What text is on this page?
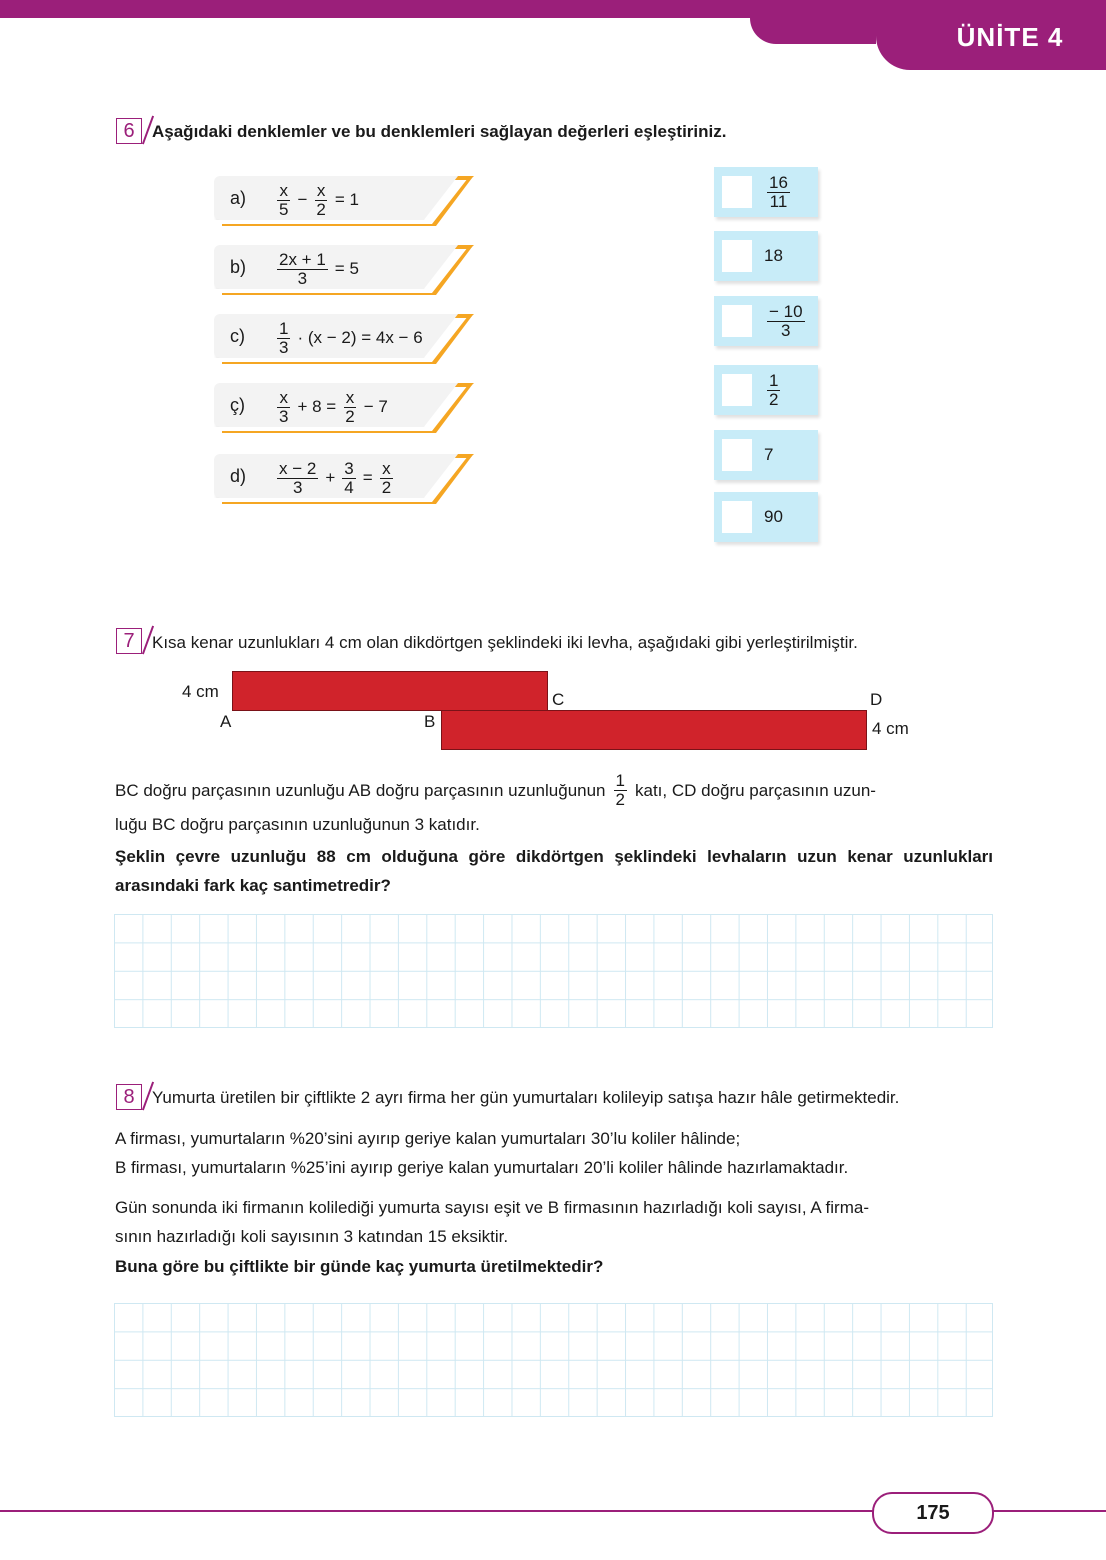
ÜNİTE 4
6	Aşağıdaki denklemler ve bu denklemleri sağlayan değerleri eşleştiriniz.
$a) \frac{x}{5} - \frac{x}{2} = 1$
$b) \frac{2x + 1}{3} = 5$
$c) \frac{1}{3} \cdot (x - 2) = 4x - 6$
ç) $\frac{x}{3} + 8 = \frac{x}{2} - 7$
$d) \frac{x - 2}{3} + \frac{3}{4} = \frac{x}{2}$
$\frac{16}{11}$
18
$\frac{- 10}{3}$
$\frac{1}{2}$
7
90
7	Kısa kenar uzunlukları 4 cm olan dikdörtgen şeklindeki iki levha, aşağıdaki gibi yerleştirilmiştir.
4 cm
A	B
C	D
4 cm
BC doğru parçasının uzunluğu AB doğru parçasının uzunluğunun $\frac{1}{2}$ katı, CD doğru parçasının uzun-
luğu BC doğru parçasının uzunluğunun 3 katıdır.
Şeklin çevre uzunluğu 88 cm olduğuna göre dikdörtgen şeklindeki levhaların uzun kenar uzunlukları arasındaki fark kaç santimetredir?
8	Yumurta üretilen bir çiftlikte 2 ayrı firma her gün yumurtaları kolileyip satışa hazır hâle getirmektedir.
A firması, yumurtaların %20’sini ayırıp geriye kalan yumurtaları 30’lu koliler hâlinde;
B firması, yumurtaların %25’ini ayırıp geriye kalan yumurtaları 20’li koliler hâlinde hazırlamaktadır.
Gün sonunda iki firmanın kolilediği yumurta sayısı eşit ve B firmasının hazırladığı koli sayısı, A firma-
sının hazırladığı koli sayısının 3 katından 15 eksiktir.
Buna göre bu çiftlikte bir günde kaç yumurta üretilmektedir?
175
